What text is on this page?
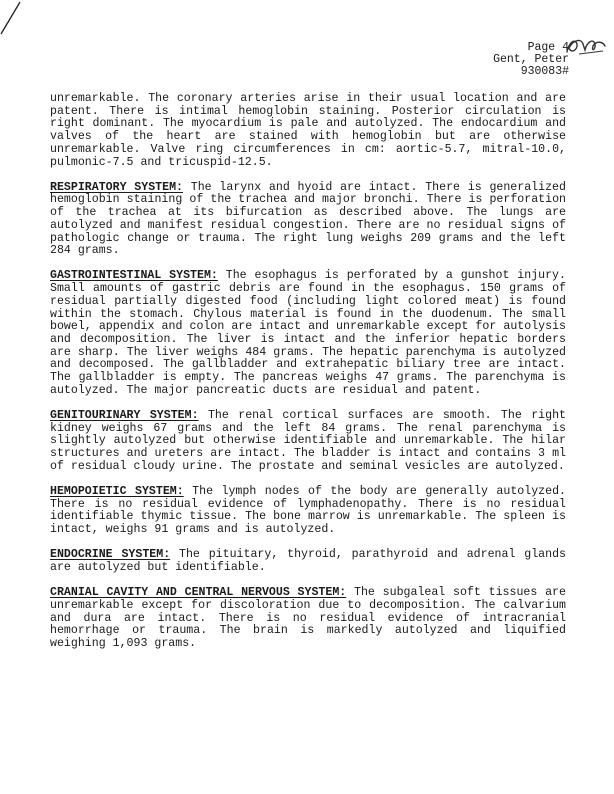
Page 4
Gent, Peter
930083#

unremarkable. The coronary arteries arise in their usual location and are patent. There is intimal hemoglobin staining. Posterior circulation is right dominant. The myocardium is pale and autolyzed. The endocardium and valves of the heart are stained with hemoglobin but are otherwise unremarkable. Valve ring circumferences in cm: aortic-5.7, mitral-10.0, pulmonic-7.5 and tricuspid-12.5.

RESPIRATORY SYSTEM: The larynx and hyoid are intact. There is generalized hemoglobin staining of the trachea and major bronchi. There is perforation of the trachea at its bifurcation as described above. The lungs are autolyzed and manifest residual congestion. There are no residual signs of pathologic change or trauma. The right lung weighs 209 grams and the left 284 grams.

GASTROINTESTINAL SYSTEM: The esophagus is perforated by a gunshot injury. Small amounts of gastric debris are found in the esophagus. 150 grams of residual partially digested food (including light colored meat) is found within the stomach. Chylous material is found in the duodenum. The small bowel, appendix and colon are intact and unremarkable except for autolysis and decomposition. The liver is intact and the inferior hepatic borders are sharp. The liver weighs 484 grams. The hepatic parenchyma is autolyzed and decomposed. The gallbladder and extrahepatic biliary tree are intact. The gallbladder is empty. The pancreas weighs 47 grams. The parenchyma is autolyzed. The major pancreatic ducts are residual and patent.

GENITOURINARY SYSTEM: The renal cortical surfaces are smooth. The right kidney weighs 67 grams and the left 84 grams. The renal parenchyma is slightly autolyzed but otherwise identifiable and unremarkable. The hilar structures and ureters are intact. The bladder is intact and contains 3 ml of residual cloudy urine. The prostate and seminal vesicles are autolyzed.

HEMOPOIETIC SYSTEM: The lymph nodes of the body are generally autolyzed. There is no residual evidence of lymphadenopathy. There is no residual identifiable thymic tissue. The bone marrow is unremarkable. The spleen is intact, weighs 91 grams and is autolyzed.

ENDOCRINE SYSTEM: The pituitary, thyroid, parathyroid and adrenal glands are autolyzed but identifiable.

CRANIAL CAVITY AND CENTRAL NERVOUS SYSTEM: The subgaleal soft tissues are unremarkable except for discoloration due to decomposition. The calvarium and dura are intact. There is no residual evidence of intracranial hemorrhage or trauma. The brain is markedly autolyzed and liquified weighing 1,093 grams.
